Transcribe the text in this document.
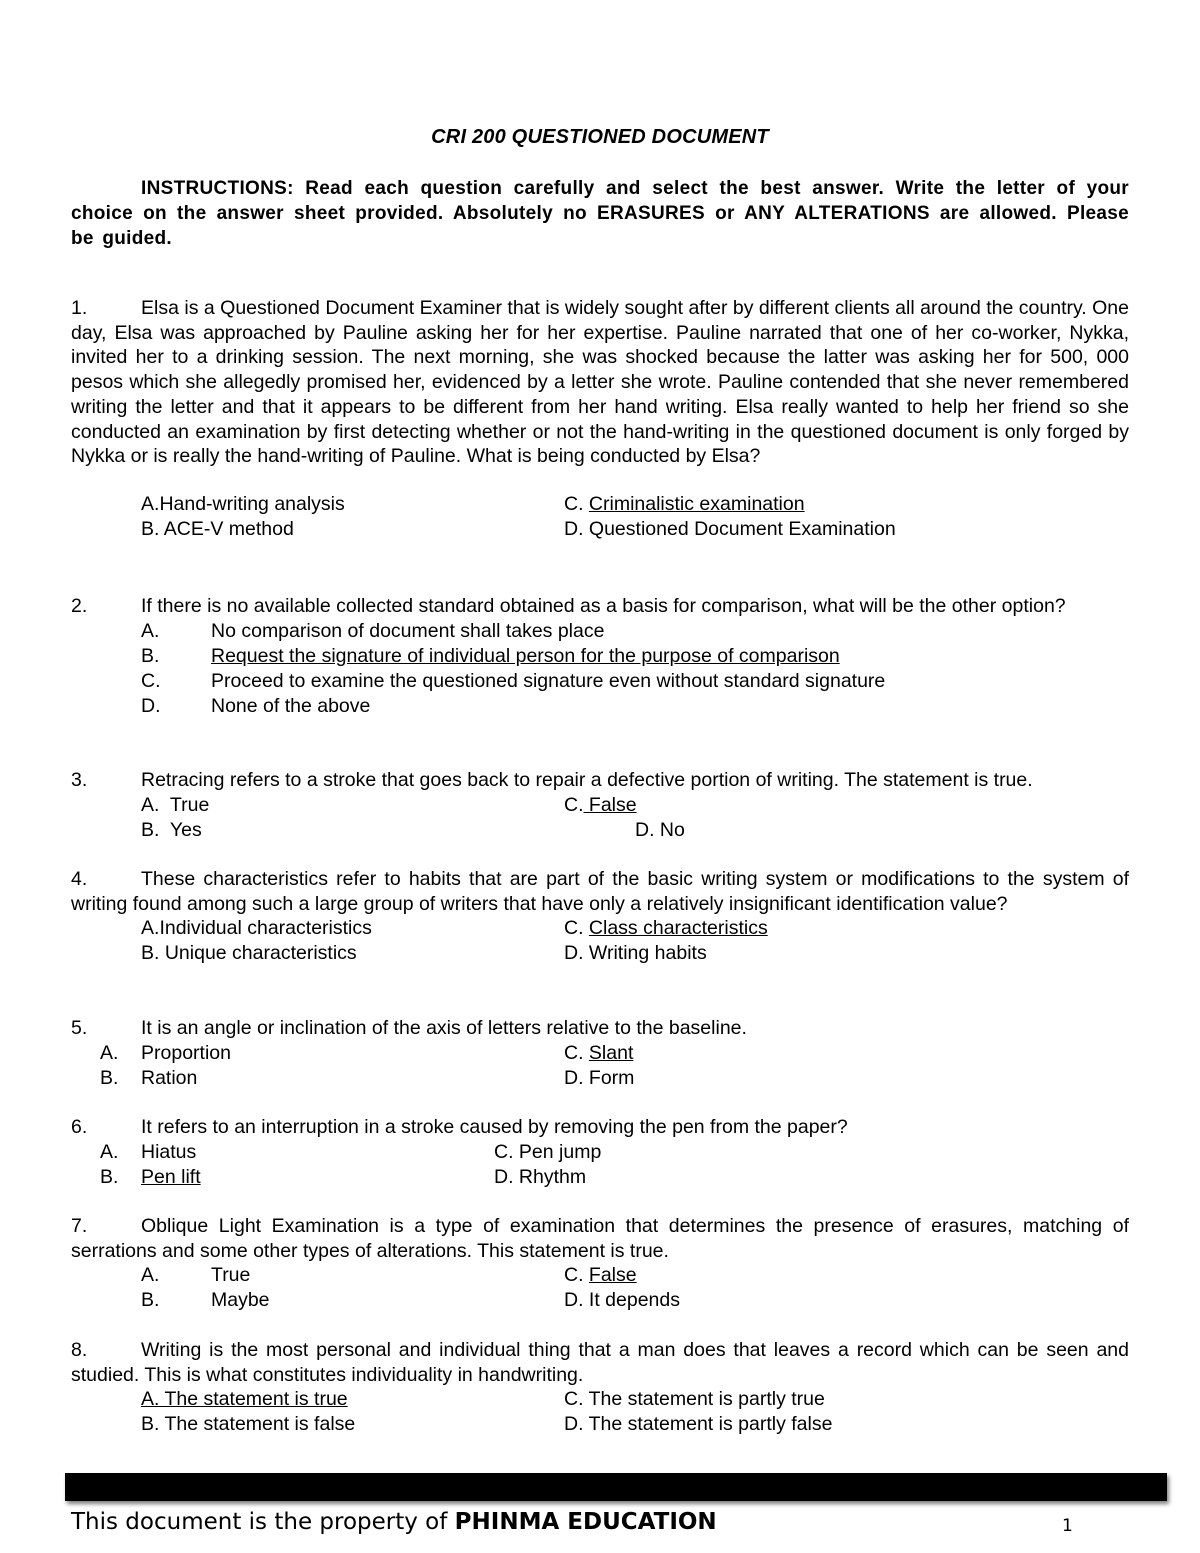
CRI 200 QUESTIONED DOCUMENT
INSTRUCTIONS: Read each question carefully and select the best answer. Write the letter of your choice on the answer sheet provided. Absolutely no ERASURES or ANY ALTERATIONS are allowed. Please be guided.
1.	Elsa is a Questioned Document Examiner that is widely sought after by different clients all around the country. One day, Elsa was approached by Pauline asking her for her expertise. Pauline narrated that one of her co-worker, Nykka, invited her to a drinking session. The next morning, she was shocked because the latter was asking her for 500, 000 pesos which she allegedly promised her, evidenced by a letter she wrote. Pauline contended that she never remembered writing the letter and that it appears to be different from her hand writing. Elsa really wanted to help her friend so she conducted an examination by first detecting whether or not the hand-writing in the questioned document is only forged by Nykka or is really the hand-writing of Pauline. What is being conducted by Elsa?
A.Hand-writing analysis	C. Criminalistic examination
B. ACE-V method	D. Questioned Document Examination
2.	If there is no available collected standard obtained as a basis for comparison, what will be the other option?
A.	No comparison of document shall takes place
B.	Request the signature of individual person for the purpose of comparison
C.	Proceed to examine the questioned signature even without standard signature
D.	None of the above
3.	Retracing refers to a stroke that goes back to repair a defective portion of writing. The statement is true.
A.  True	C. False
B.  Yes	D. No
4.	These characteristics refer to habits that are part of the basic writing system or modifications to the system of writing found among such a large group of writers that have only a relatively insignificant identification value?
A.Individual characteristics	C. Class characteristics
B. Unique characteristics	D. Writing habits
5.	It is an angle or inclination of the axis of letters relative to the baseline.
A. Proportion	C. Slant
B. Ration	D. Form
6.	It refers to an interruption in a stroke caused by removing the pen from the paper?
A. Hiatus	C. Pen jump
B. Pen lift	D. Rhythm
7.	Oblique Light Examination is a type of examination that determines the presence of erasures, matching of serrations and some other types of alterations. This statement is true.
A.	True	C. False
B.	Maybe	D. It depends
8.	Writing is the most personal and individual thing that a man does that leaves a record which can be seen and studied. This is what constitutes individuality in handwriting.
A. The statement is true	C. The statement is partly true
B. The statement is false	D. The statement is partly false
This document is the property of PHINMA EDUCATION	1
